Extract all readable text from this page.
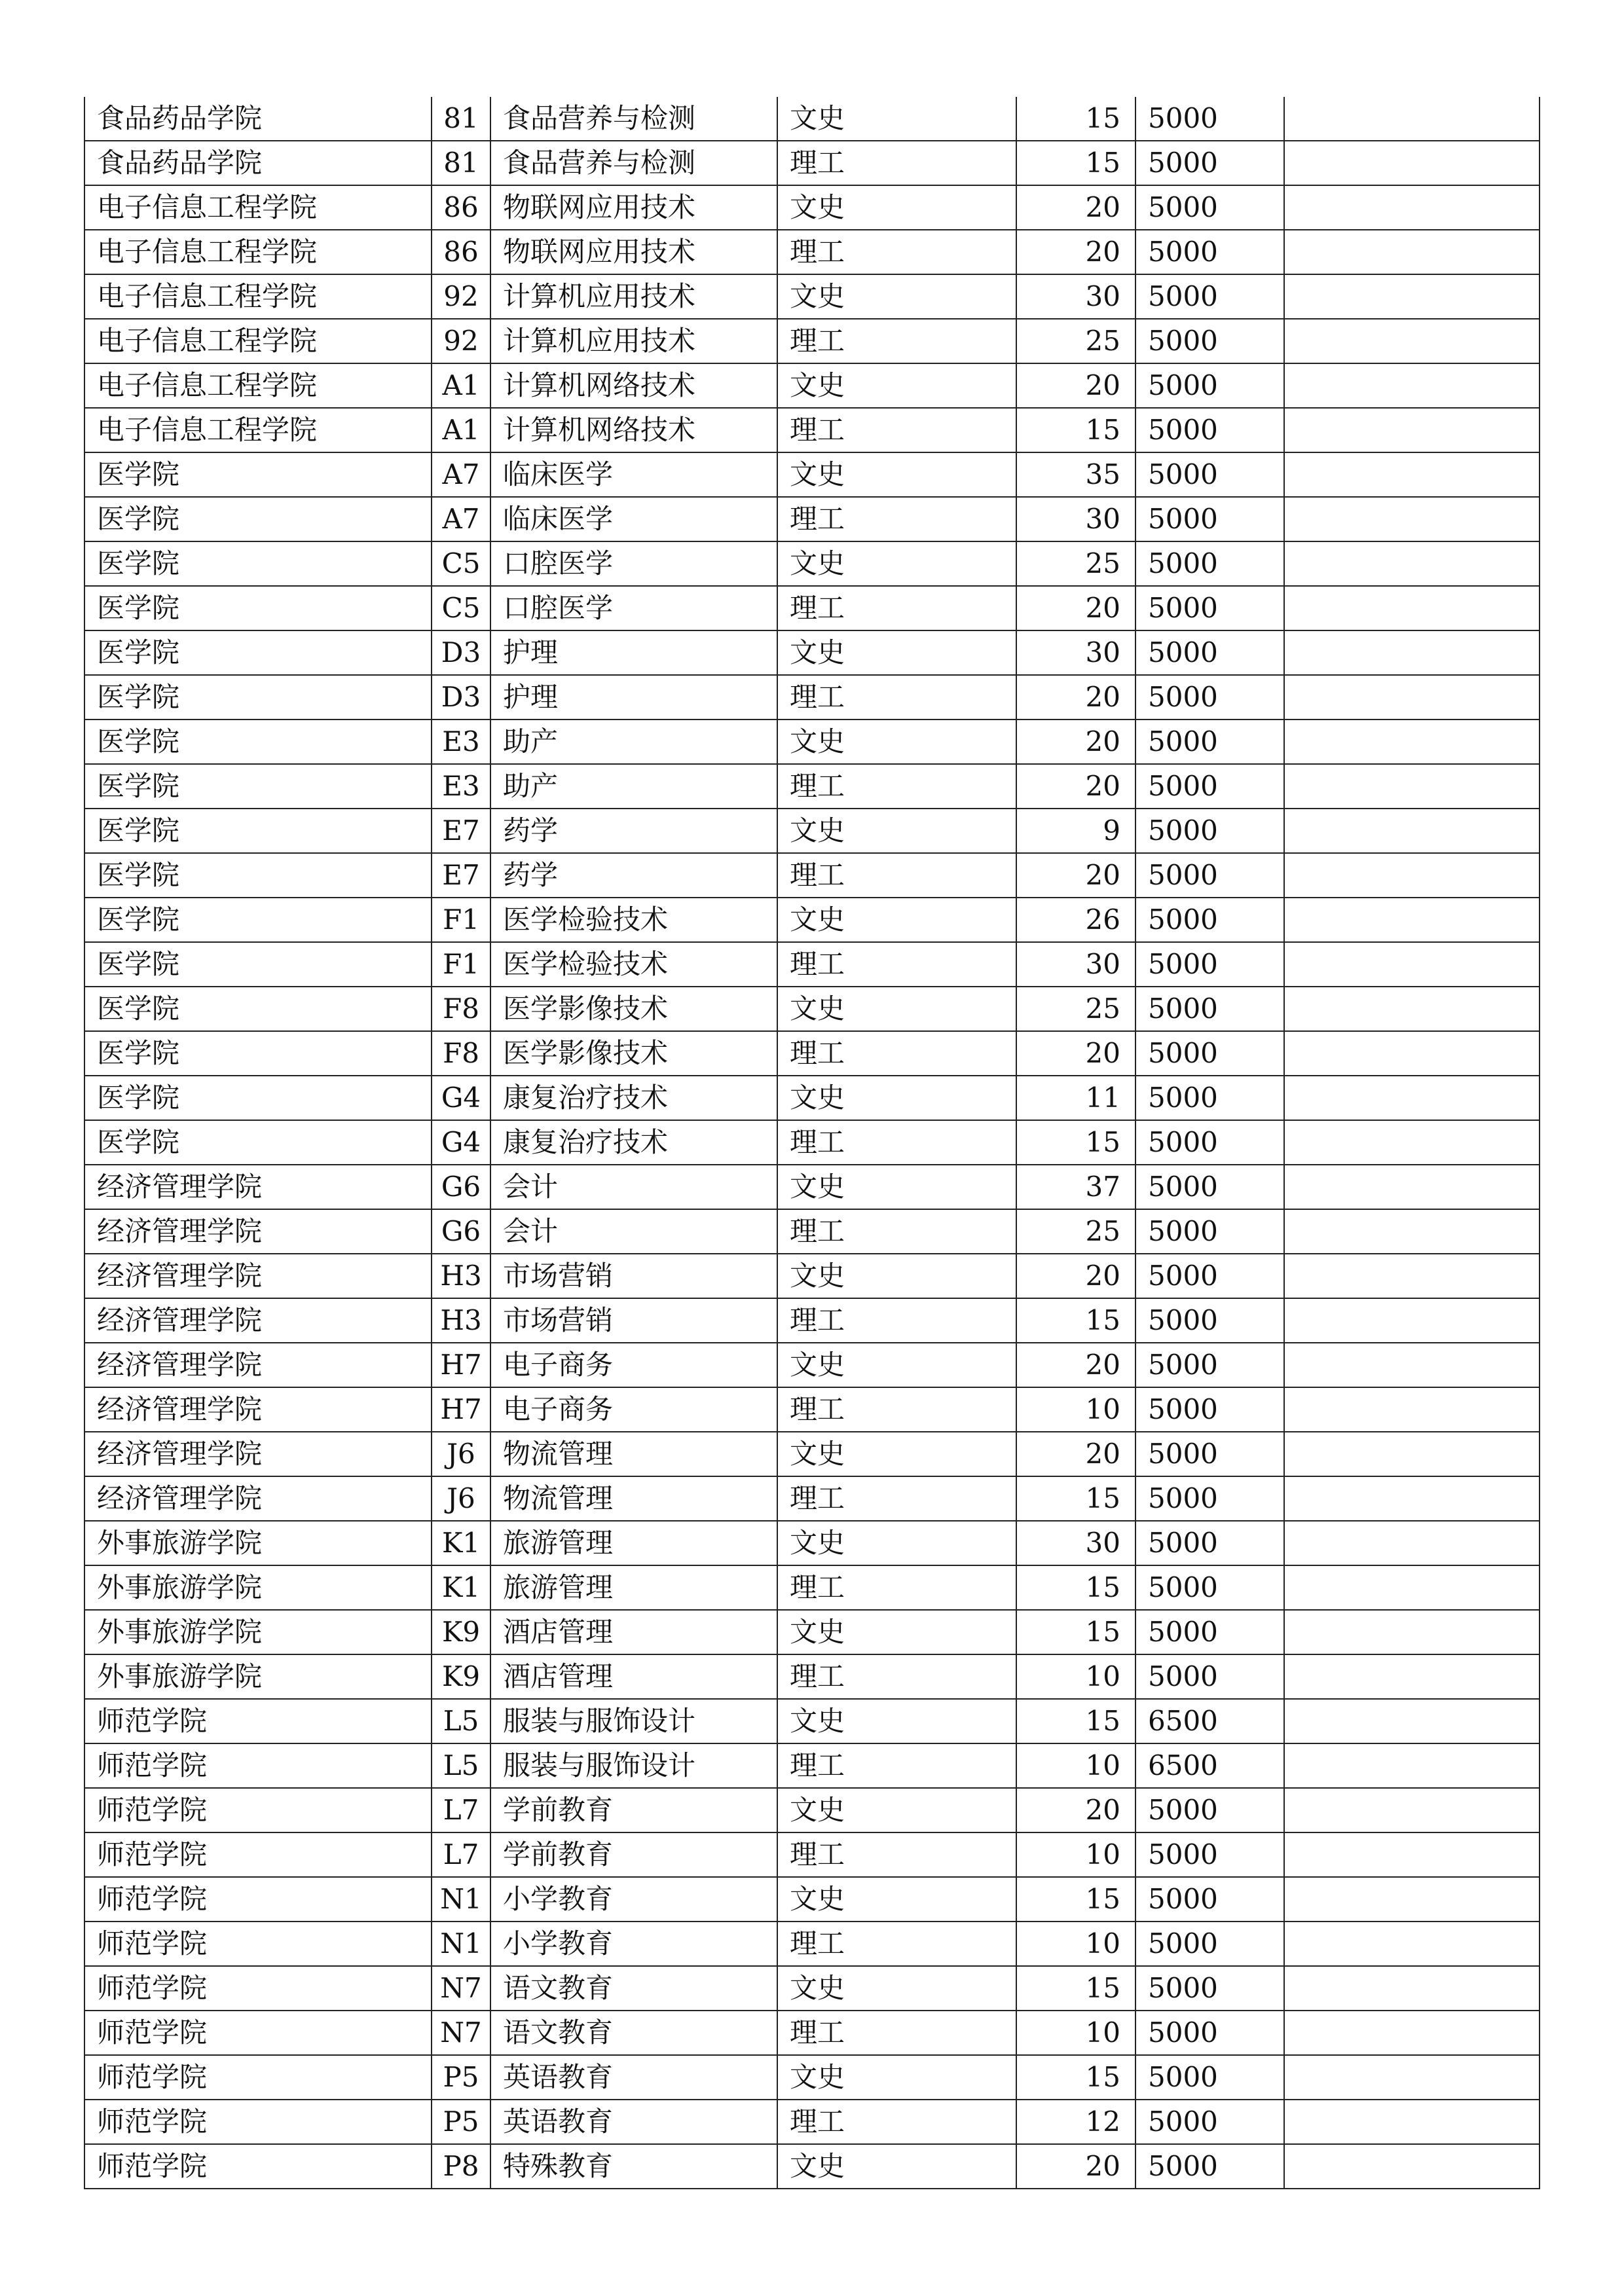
食品药品学院	81	食品营养与检测	文史	15	5000	
食品药品学院	81	食品营养与检测	理工	15	5000	
电子信息工程学院	86	物联网应用技术	文史	20	5000	
电子信息工程学院	86	物联网应用技术	理工	20	5000	
电子信息工程学院	92	计算机应用技术	文史	30	5000	
电子信息工程学院	92	计算机应用技术	理工	25	5000	
电子信息工程学院	A1	计算机网络技术	文史	20	5000	
电子信息工程学院	A1	计算机网络技术	理工	15	5000	
医学院	A7	临床医学	文史	35	5000	
医学院	A7	临床医学	理工	30	5000	
医学院	C5	口腔医学	文史	25	5000	
医学院	C5	口腔医学	理工	20	5000	
医学院	D3	护理	文史	30	5000	
医学院	D3	护理	理工	20	5000	
医学院	E3	助产	文史	20	5000	
医学院	E3	助产	理工	20	5000	
医学院	E7	药学	文史	9	5000	
医学院	E7	药学	理工	20	5000	
医学院	F1	医学检验技术	文史	26	5000	
医学院	F1	医学检验技术	理工	30	5000	
医学院	F8	医学影像技术	文史	25	5000	
医学院	F8	医学影像技术	理工	20	5000	
医学院	G4	康复治疗技术	文史	11	5000	
医学院	G4	康复治疗技术	理工	15	5000	
经济管理学院	G6	会计	文史	37	5000	
经济管理学院	G6	会计	理工	25	5000	
经济管理学院	H3	市场营销	文史	20	5000	
经济管理学院	H3	市场营销	理工	15	5000	
经济管理学院	H7	电子商务	文史	20	5000	
经济管理学院	H7	电子商务	理工	10	5000	
经济管理学院	J6	物流管理	文史	20	5000	
经济管理学院	J6	物流管理	理工	15	5000	
外事旅游学院	K1	旅游管理	文史	30	5000	
外事旅游学院	K1	旅游管理	理工	15	5000	
外事旅游学院	K9	酒店管理	文史	15	5000	
外事旅游学院	K9	酒店管理	理工	10	5000	
师范学院	L5	服装与服饰设计	文史	15	6500	
师范学院	L5	服装与服饰设计	理工	10	6500	
师范学院	L7	学前教育	文史	20	5000	
师范学院	L7	学前教育	理工	10	5000	
师范学院	N1	小学教育	文史	15	5000	
师范学院	N1	小学教育	理工	10	5000	
师范学院	N7	语文教育	文史	15	5000	
师范学院	N7	语文教育	理工	10	5000	
师范学院	P5	英语教育	文史	15	5000	
师范学院	P5	英语教育	理工	12	5000	
师范学院	P8	特殊教育	文史	20	5000	
